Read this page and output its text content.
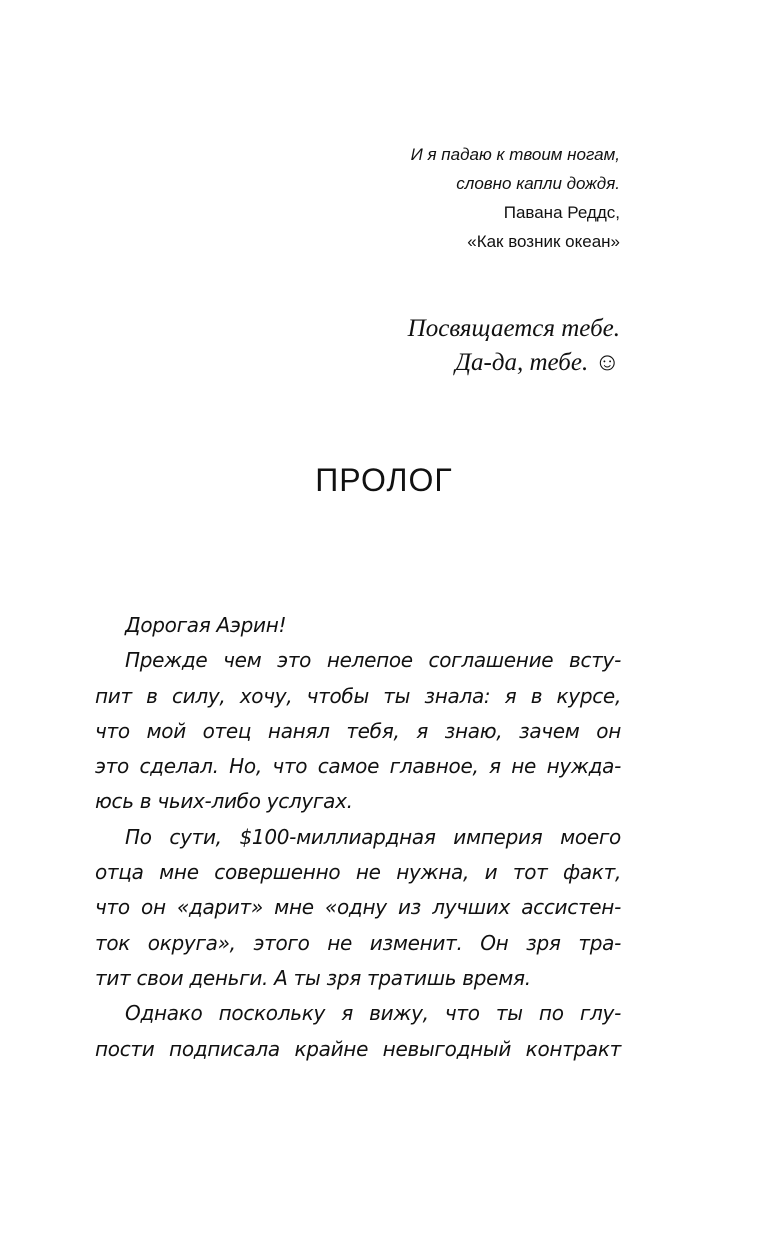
И я падаю к твоим ногам,
словно капли дождя.
Павана Реддс,
«Как возник океан»
Посвящается тебе.
Да-да, тебе. ☺
ПРОЛОГ
Дорогая Аэрин!
Прежде чем это нелепое соглашение всту-
пит в силу, хочу, чтобы ты знала: я в курсе,
что мой отец нанял тебя, я знаю, зачем он
это сделал. Но, что самое главное, я не нужда-
юсь в чьих-либо услугах.
По сути, $100-миллиардная империя моего
отца мне совершенно не нужна, и тот факт,
что он «дарит» мне «одну из лучших ассистен-
ток округа», этого не изменит. Он зря тра-
тит свои деньги. А ты зря тратишь время.
Однако поскольку я вижу, что ты по глу-
пости подписала крайне невыгодный контракт
